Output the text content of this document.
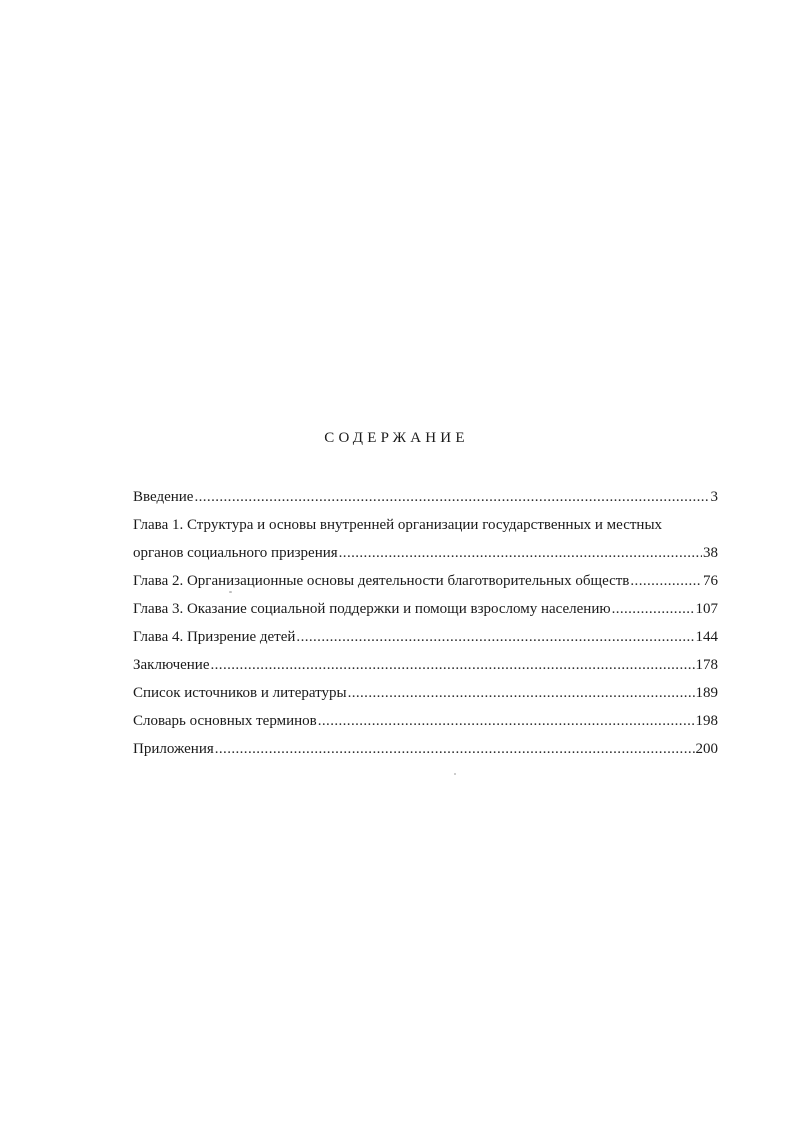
СОДЕРЖАНИЕ
Введение .....	3
Глава 1. Структура и основы внутренней организации государственных и местных
органов социального призрения .....	38
Глава 2. Организационные основы деятельности благотворительных обществ .....	76
Глава 3. Оказание социальной поддержки и помощи взрослому населению .....	107
Глава 4. Призрение детей .....	144
Заключение .....	178
Список источников и литературы .....	189
Словарь основных терминов .....	198
Приложения .....	200
